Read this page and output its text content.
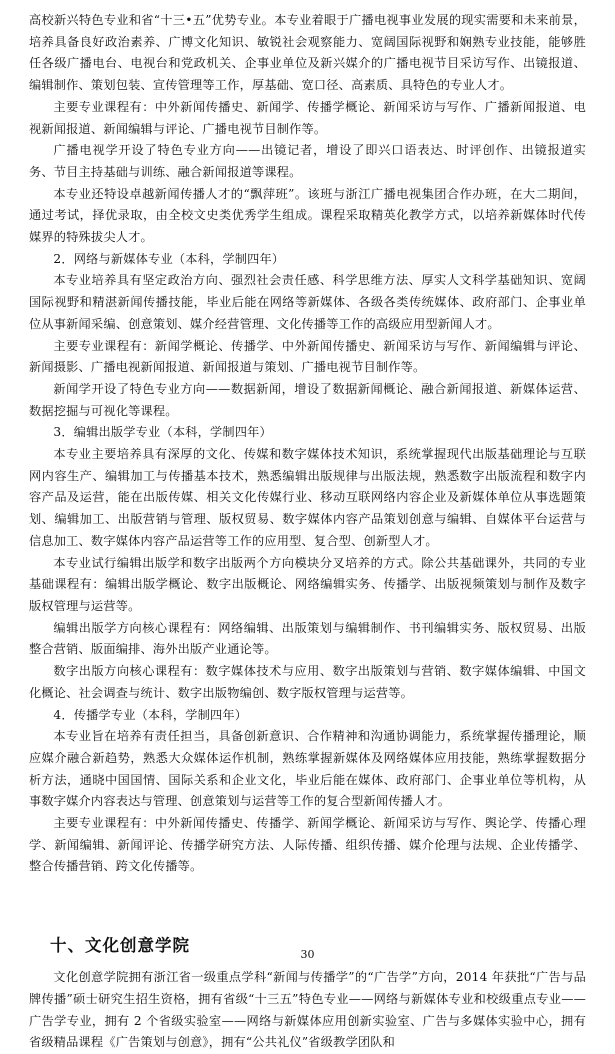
高校新兴特色专业和省“十三•五”优势专业。本专业着眼于广播电视事业发展的现实需要和未来前景，培养具备良好政治素养、广博文化知识、敏锐社会观察能力、宽阔国际视野和娴熟专业技能，能够胜任各级广播电台、电视台和党政机关、企事业单位及新兴媒介的广播电视节目采访写作、出镜报道、编辑制作、策划包装、宣传管理等工作，厚基础、宽口径、高素质、具特色的专业人才。

主要专业课程有：中外新闻传播史、新闻学、传播学概论、新闻采访与写作、广播新闻报道、电视新闻报道、新闻编辑与评论、广播电视节目制作等。

广播电视学开设了特色专业方向——出镜记者，增设了即兴口语表达、时评创作、出镜报道实务、节目主持基础与训练、融合新闻报道等课程。

本专业还特设卓越新闻传播人才的“飘萍班”。该班与浙江广播电视集团合作办班，在大二期间，通过考试，择优录取，由全校文史类优秀学生组成。课程采取精英化教学方式，以培养新媒体时代传媒界的特殊拔尖人才。

2．网络与新媒体专业（本科，学制四年）

本专业培养具有坚定政治方向、强烈社会责任感、科学思维方法、厚实人文科学基础知识、宽阔国际视野和精湛新闻传播技能，毕业后能在网络等新媒体、各级各类传统媒体、政府部门、企事业单位从事新闻采编、创意策划、媒介经营管理、文化传播等工作的高级应用型新闻人才。

主要专业课程有：新闻学概论、传播学、中外新闻传播史、新闻采访与写作、新闻编辑与评论、新闻摄影、广播电视新闻报道、新闻报道与策划、广播电视节目制作等。

新闻学开设了特色专业方向——数据新闻，增设了数据新闻概论、融合新闻报道、新媒体运营、数据挖掘与可视化等课程。

3．编辑出版学专业（本科，学制四年）

本专业主要培养具有深厚的文化、传媒和数字媒体技术知识，系统掌握现代出版基础理论与互联网内容生产、编辑加工与传播基本技术，熟悉编辑出版规律与出版法规，熟悉数字出版流程和数字内容产品及运营，能在出版传媒、相关文化传媒行业、移动互联网络内容企业及新媒体单位从事选题策划、编辑加工、出版营销与管理、版权贸易、数字媒体内容产品策划创意与编辑、自媒体平台运营与信息加工、数字媒体内容产品运营等工作的应用型、复合型、创新型人才。

本专业试行编辑出版学和数字出版两个方向模块分叉培养的方式。除公共基础课外，共同的专业基础课程有：编辑出版学概论、数字出版概论、网络编辑实务、传播学、出版视频策划与制作及数字版权管理与运营等。

编辑出版学方向核心课程有：网络编辑、出版策划与编辑制作、书刊编辑实务、版权贸易、出版整合营销、版面编排、海外出版产业通论等。

数字出版方向核心课程有：数字媒体技术与应用、数字出版策划与营销、数字媒体编辑、中国文化概论、社会调查与统计、数字出版物编创、数字版权管理与运营等。

4．传播学专业（本科，学制四年）

本专业旨在培养有责任担当，具备创新意识、合作精神和沟通协调能力，系统掌握传播理论，顺应媒介融合新趋势，熟悉大众媒体运作机制，熟练掌握新媒体及网络媒体应用技能，熟练掌握数据分析方法，通晓中国国情、国际关系和企业文化，毕业后能在媒体、政府部门、企事业单位等机构，从事数字媒介内容表达与管理、创意策划与运营等工作的复合型新闻传播人才。

主要专业课程有：中外新闻传播史、传播学、新闻学概论、新闻采访与写作、舆论学、传播心理学、新闻编辑、新闻评论、传播学研究方法、人际传播、组织传播、媒介伦理与法规、企业传播学、整合传播营销、跨文化传播等。

十、文化创意学院

文化创意学院拥有浙江省一级重点学科“新闻与传播学”的“广告学”方向，2014 年获批“广告与品牌传播”硕士研究生招生资格，拥有省级“十三五”特色专业——网络与新媒体专业和校级重点专业——广告学专业，拥有 2 个省级实验室——网络与新媒体应用创新实验室、广告与多媒体实验中心，拥有省级精品课程《广告策划与创意》，拥有“公共礼仪”省级教学团队和

30
